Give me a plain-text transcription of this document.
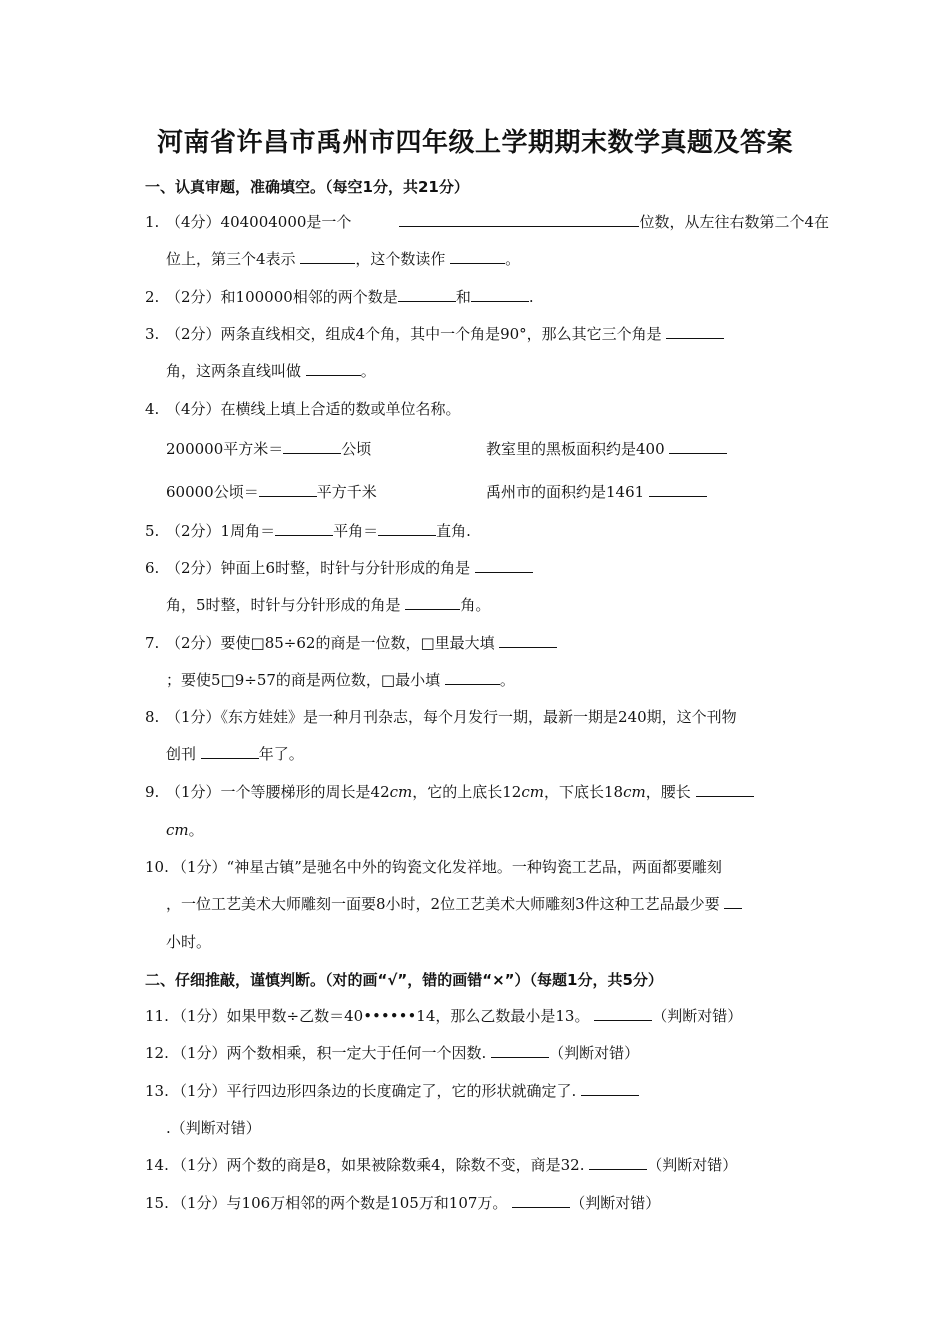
河南省许昌市禹州市四年级上学期期末数学真题及答案
一、认真审题，准确填空。（每空1分，共21分）
1. （4分）404004000是一个	位数，从左往右数第二个4在
位上，第三个4表示	，这个数读作	。
2. （2分）和100000相邻的两个数是	和	.
3. （2分）两条直线相交，组成4个角，其中一个角是90°，那么其它三个角是
角，这两条直线叫做	。
4. （4分）在横线上填上合适的数或单位名称。
200000平方米＝	公顷	教室里的黑板面积约是400
60000公顷＝	平方千米	禹州市的面积约是1461
5. （2分）1周角＝	平角＝	直角.
6. （2分）钟面上6时整，时针与分针形成的角是
角，5时整，时针与分针形成的角是	角。
7. （2分）要使□85÷62的商是一位数，□里最大填
；要使5□9÷57的商是两位数，□最小填	。
8. （1分）《东方娃娃》是一种月刊杂志，每个月发行一期，最新一期是240期，这个刊物
创刊	年了。
9. （1分）一个等腰梯形的周长是42cm，它的上底长12cm，下底长18cm，腰长
cm。
10. （1分）“神星古镇”是驰名中外的钩瓷文化发祥地。一种钩瓷工艺品，两面都要雕刻
，一位工艺美术大师雕刻一面要8小时，2位工艺美术大师雕刻3件这种工艺品最少要
小时。
二、仔细推敲，谨慎判断。（对的画“√”，错的画错“×”）（每题1分，共5分）
11. （1分）如果甲数÷乙数＝40••••••14，那么乙数最小是13。	（判断对错）
12. （1分）两个数相乘，积一定大于任何一个因数.	（判断对错）
13. （1分）平行四边形四条边的长度确定了，它的形状就确定了.
.（判断对错）
14. （1分）两个数的商是8，如果被除数乘4，除数不变，商是32.	（判断对错）
15. （1分）与106万相邻的两个数是105万和107万。	（判断对错）
